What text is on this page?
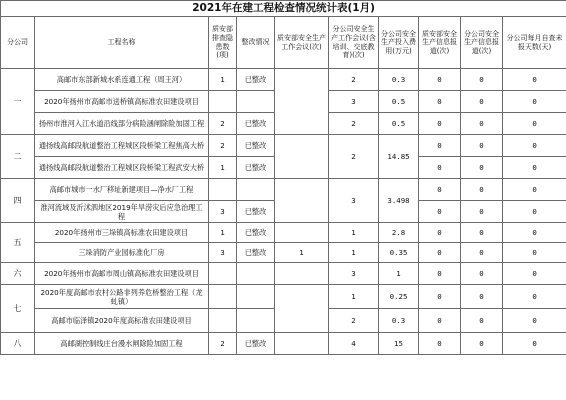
2021年在建工程检查情况统计表(1月)									
分公司	工程名称	质安部排查隐患数(项)	整改情况	质安部安全生产工作会议(次)	分公司安全生产工作会议(含培训、交底教育)(次)	分公司安全生产投入费用(万元)	质安部安全生产信息报道(次)	分公司安全生产信息报道(次)	分公司每月自查未报天数(天)
一	高邮市东部新城水系连通工程（周王河）	1	已整改		2	0.3	0	0	0
	2020年扬州市高邮市送桥镇高标准农田建设项目				3	0.5	0	0	0
	扬州市淮河入江水道沿线部分病险涵闸除险加固工程	2	已整改		2	0.5	0	0	0
二	通扬线高邮段航道整治工程城区段桥梁工程焦高大桥	2	已整改		2	14.85	0	0	0
	通扬线高邮段航道整治工程城区段桥梁工程武安大桥	1	已整改				0	0	0
四	高邮市城市一水厂移址新建项目—净水厂工程				3	3.498	0	0	0
	淮河流域及沂沭泗地区2019年旱涝灾后应急治理工程	3	已整改				0	0	0
五	2020年扬州市三垛镇高标准农田建设项目	1	已整改		1	2.8	0	0	0
	三垛消防产业园标准化厂房	3	已整改	1	1	0.35	0	0	0
六	2020年扬州市高邮市周山镇高标准农田建设项目				3	1	0	0	0
七	2020年度高邮市农村公路非列养危桥整治工程（龙虬镇）				1	0.25	0	0	0
	高邮市临泽镇2020年度高标准农田建设项目				2	0.3	0	0	0
八	高邮湖控制线庄台漫水闸除险加固工程	2	已整改		4	15	0	0	0
